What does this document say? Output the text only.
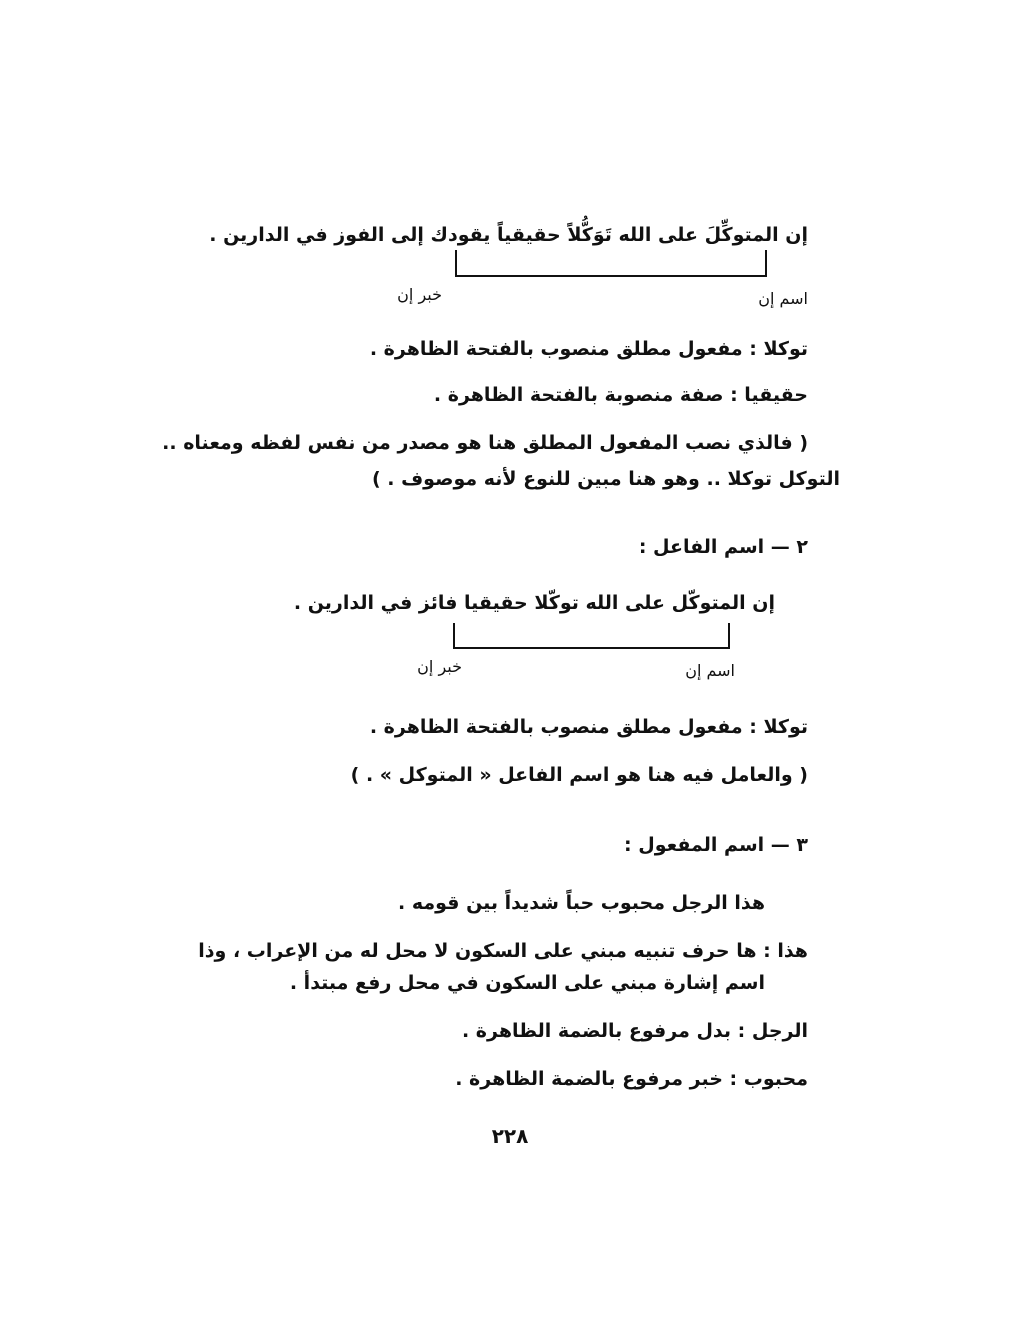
إن المتوكِّلَ على الله تَوَكُّلاً حقيقياً يقودك إلى الفوز في الدارين .
اسم إن
خبر إن
توكلا : مفعول مطلق منصوب بالفتحة الظاهرة .
حقيقيا : صفة منصوبة بالفتحة الظاهرة .
( فالذي نصب المفعول المطلق هنا هو مصدر من نفس لفظه ومعناه ..
التوكل توكلا .. وهو هنا مبين للنوع لأنه موصوف . )
٢ — اسم الفاعل :
إن المتوكّل على الله توكّلا حقيقيا فائز في الدارين .
اسم إن
خبر إن
توكلا : مفعول مطلق منصوب بالفتحة الظاهرة .
( والعامل فيه هنا هو اسم الفاعل « المتوكل » . )
٣ — اسم المفعول :
هذا الرجل محبوب حباً شديداً بين قومه .
هذا : ها حرف تنبيه مبني على السكون لا محل له من الإعراب ، وذا
اسم إشارة مبني على السكون في محل رفع مبتدأ .
الرجل : بدل مرفوع بالضمة الظاهرة .
محبوب : خبر مرفوع بالضمة الظاهرة .
٢٢٨
